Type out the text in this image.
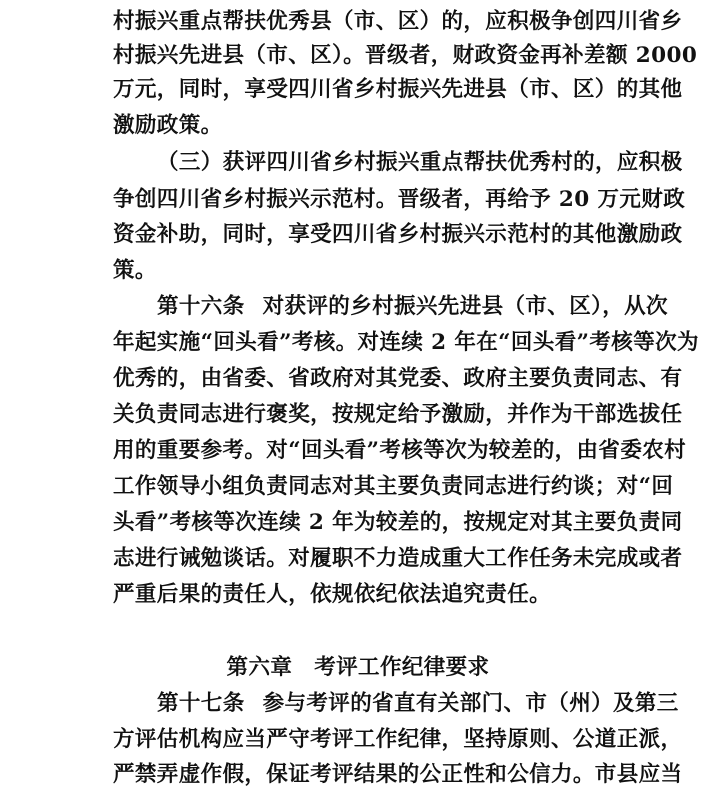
村振兴重点帮扶优秀县（市、区）的，应积极争创四川省乡
村振兴先进县（市、区）。晋级者，财政资金再补差额 2000
万元，同时，享受四川省乡村振兴先进县（市、区）的其他
激励政策。
（三）获评四川省乡村振兴重点帮扶优秀村的，应积极
争创四川省乡村振兴示范村。晋级者，再给予 20 万元财政
资金补助，同时，享受四川省乡村振兴示范村的其他激励政
策。
第十六条 对获评的乡村振兴先进县（市、区），从次
年起实施“回头看”考核。对连续 2 年在“回头看”考核等次为
优秀的，由省委、省政府对其党委、政府主要负责同志、有
关负责同志进行褒奖，按规定给予激励，并作为干部选拔任
用的重要参考。对“回头看”考核等次为较差的，由省委农村
工作领导小组负责同志对其主要负责同志进行约谈；对“回
头看”考核等次连续 2 年为较差的，按规定对其主要负责同
志进行诫勉谈话。对履职不力造成重大工作任务未完成或者
严重后果的责任人，依规依纪依法追究责任。
第六章 考评工作纪律要求
第十七条 参与考评的省直有关部门、市（州）及第三
方评估机构应当严守考评工作纪律，坚持原则、公道正派，
严禁弄虚作假，保证考评结果的公正性和公信力。市县应当
